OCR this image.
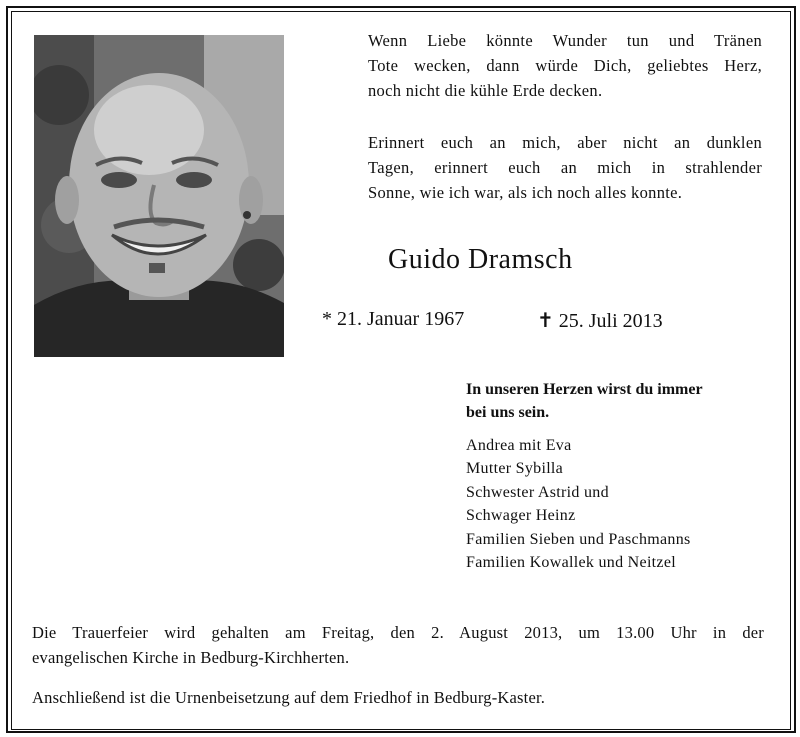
Wenn Liebe könnte Wunder tun und Tränen
Tote wecken, dann würde Dich, geliebtes Herz,
noch nicht die kühle Erde decken.
Erinnert euch an mich, aber nicht an dunklen
Tagen, erinnert euch an mich in strahlender
Sonne, wie ich war, als ich noch alles konnte.
Guido Dramsch
* 21. Januar 1967	✝ 25. Juli 2013
In unseren Herzen wirst du immer
bei uns sein.
Andrea mit Eva
Mutter Sybilla
Schwester Astrid und
Schwager Heinz
Familien Sieben und Paschmanns
Familien Kowallek und Neitzel
Die Trauerfeier wird gehalten am Freitag, den 2. August 2013, um 13.00 Uhr in der
evangelischen Kirche in Bedburg-Kirchherten.
Anschließend ist die Urnenbeisetzung auf dem Friedhof in Bedburg-Kaster.
